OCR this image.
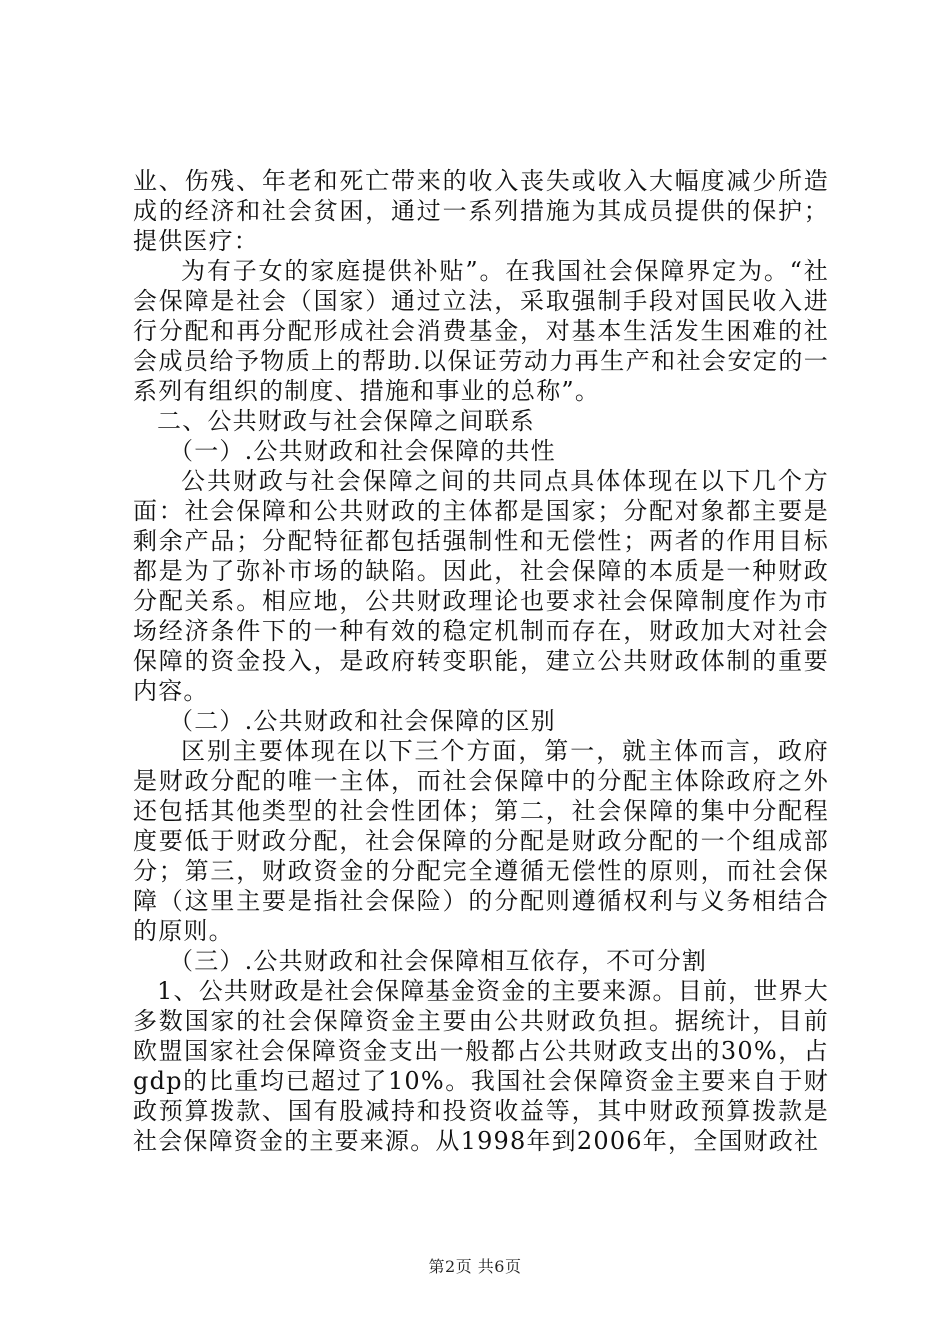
业、伤残、年老和死亡带来的收入丧失或收入大幅度减少所造成的经济和社会贫困，通过一系列措施为其成员提供的保护；提供医疗：

为有子女的家庭提供补贴”。在我国社会保障界定为。“社会保障是社会（国家）通过立法，采取强制手段对国民收入进行分配和再分配形成社会消费基金，对基本生活发生困难的社会成员给予物质上的帮助.以保证劳动力再生产和社会安定的一系列有组织的制度、措施和事业的总称”。

二、公共财政与社会保障之间联系

（一）.公共财政和社会保障的共性

公共财政与社会保障之间的共同点具体体现在以下几个方面：社会保障和公共财政的主体都是国家；分配对象都主要是剩余产品；分配特征都包括强制性和无偿性；两者的作用目标都是为了弥补市场的缺陷。因此，社会保障的本质是一种财政分配关系。相应地，公共财政理论也要求社会保障制度作为市场经济条件下的一种有效的稳定机制而存在，财政加大对社会保障的资金投入，是政府转变职能，建立公共财政体制的重要内容。

（二）.公共财政和社会保障的区别

区别主要体现在以下三个方面，第一，就主体而言，政府是财政分配的唯一主体，而社会保障中的分配主体除政府之外还包括其他类型的社会性团体；第二，社会保障的集中分配程度要低于财政分配，社会保障的分配是财政分配的一个组成部分；第三，财政资金的分配完全遵循无偿性的原则，而社会保障（这里主要是指社会保险）的分配则遵循权利与义务相结合的原则。

（三）.公共财政和社会保障相互依存，不可分割

1、公共财政是社会保障基金资金的主要来源。目前，世界大多数国家的社会保障资金主要由公共财政负担。据统计，目前欧盟国家社会保障资金支出一般都占公共财政支出的30%，占gdp的比重均已超过了10%。我国社会保障资金主要来自于财政预算拨款、国有股减持和投资收益等，其中财政预算拨款是社会保障资金的主要来源。从1998年到2006年，全国财政社

第2页 共6页
